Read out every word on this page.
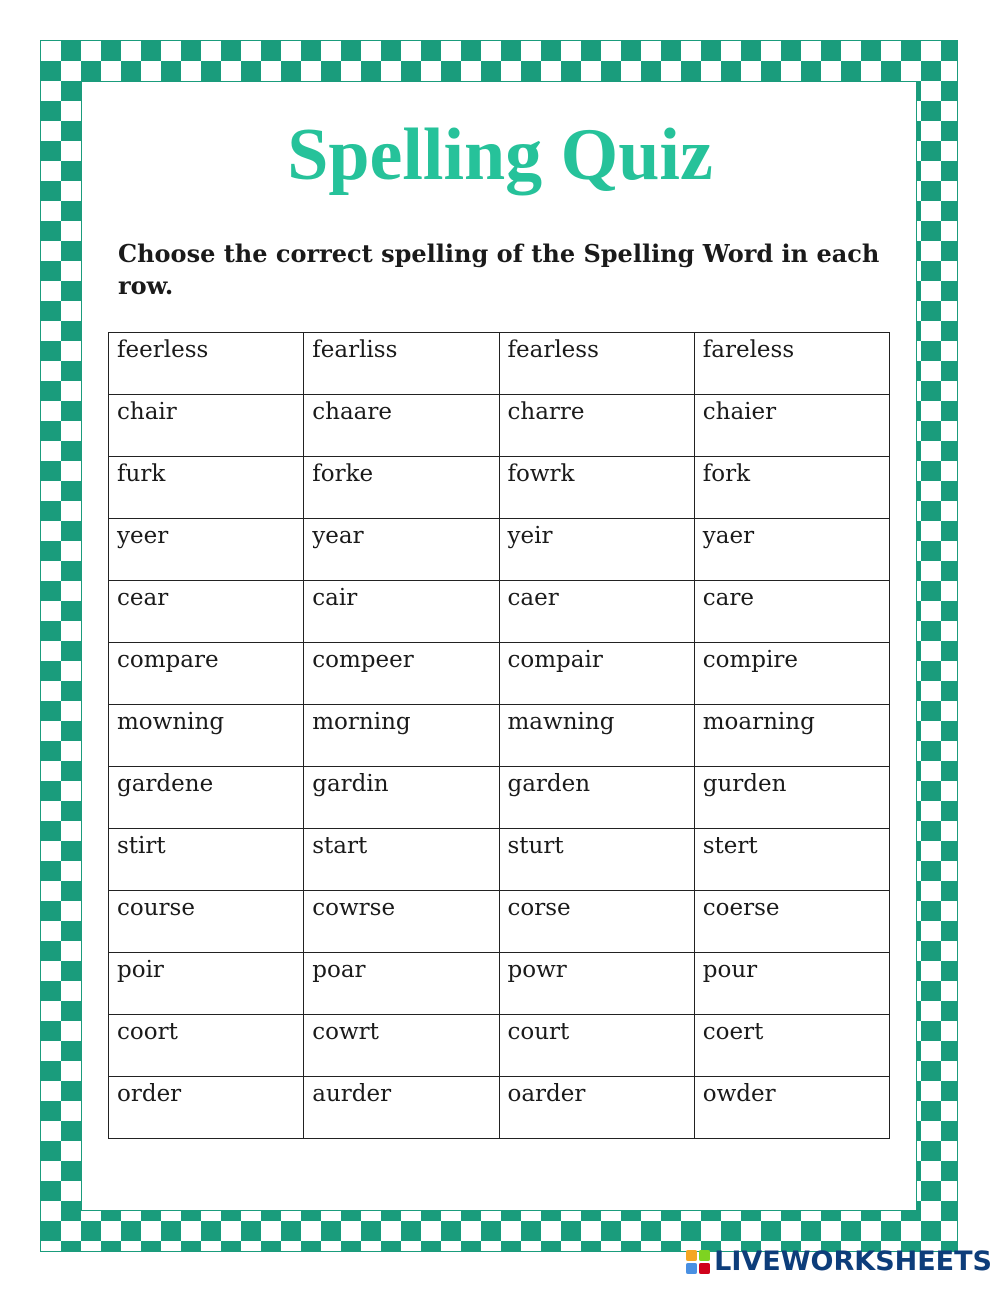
Spelling Quiz

Choose the correct spelling of the Spelling Word in each row.

feerless	fearliss	fearless	fareless
chair	chaare	charre	chaier
furk	forke	fowrk	fork
yeer	year	yeir	yaer
cear	cair	caer	care
compare	compeer	compair	compire
mowning	morning	mawning	moarning
gardene	gardin	garden	gurden
stirt	start	sturt	stert
course	cowrse	corse	coerse
poir	poar	powr	pour
coort	cowrt	court	coert
order	aurder	oarder	owder
LIVEWORKSHEETS
